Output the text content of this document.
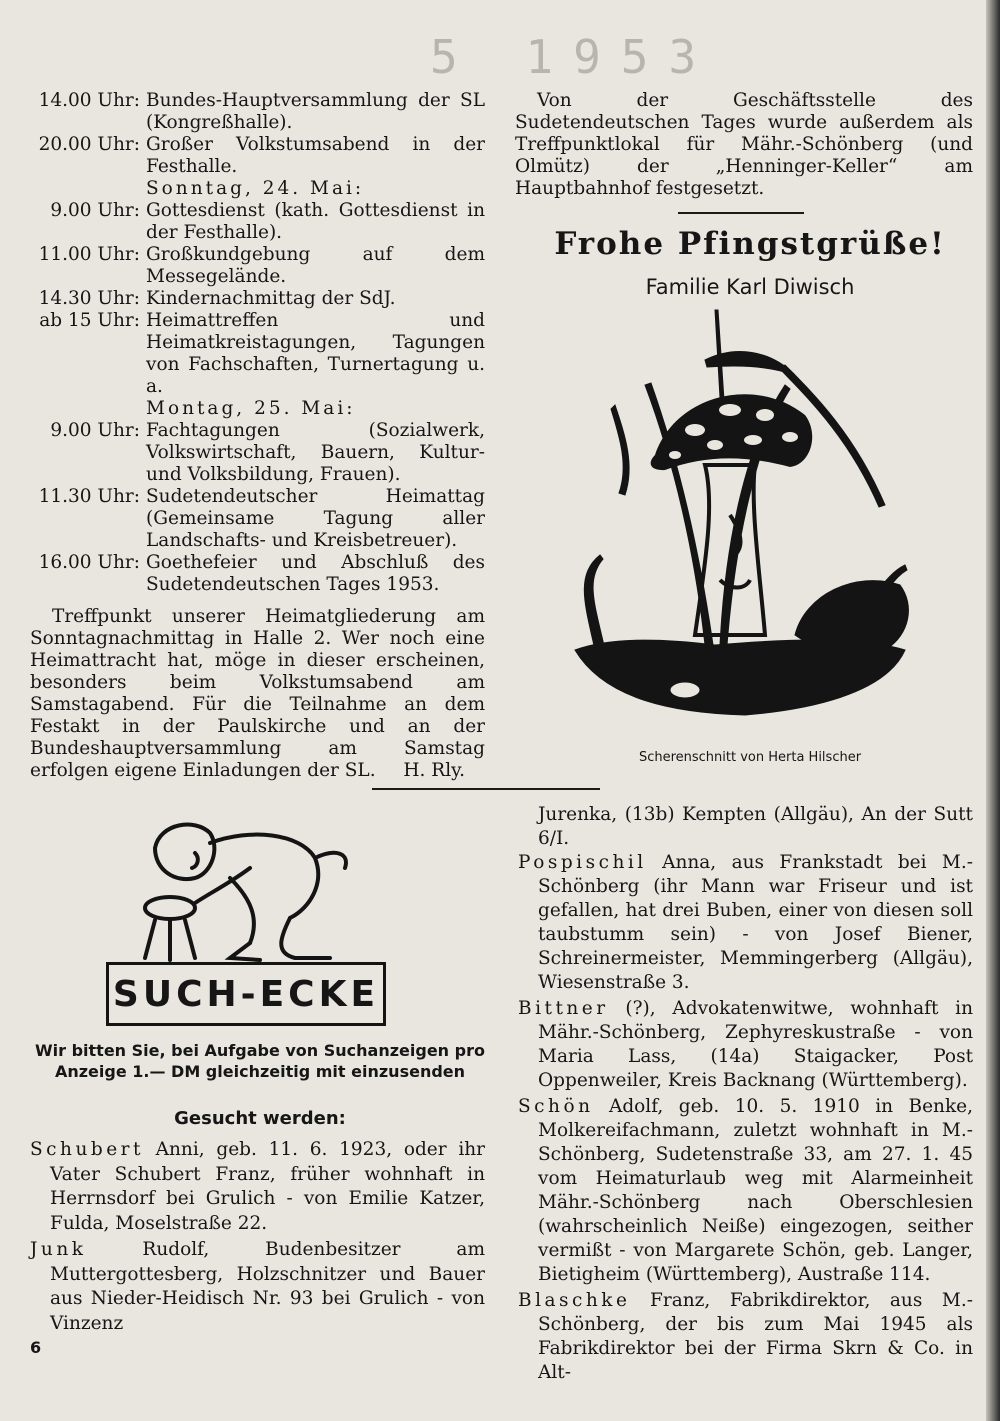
5 1953
14.00 Uhr: Bundes-Hauptversammlung der SL (Kongreßhalle).
20.00 Uhr: Großer Volkstumsabend in der Festhalle.
Sonntag, 24. Mai:
9.00 Uhr: Gottesdienst (kath. Gottesdienst in der Festhalle).
11.00 Uhr: Großkundgebung auf dem Messegelände.
14.30 Uhr: Kindernachmittag der SdJ.
ab 15 Uhr: Heimattreffen und Heimatkreistagungen, Tagungen von Fachschaften, Turnertagung u. a.
Montag, 25. Mai:
9.00 Uhr: Fachtagungen (Sozialwerk, Volkswirtschaft, Bauern, Kultur- und Volksbildung, Frauen).
11.30 Uhr: Sudetendeutscher Heimattag (Gemeinsame Tagung aller Landschafts- und Kreisbetreuer).
16.00 Uhr: Goethefeier und Abschluß des Sudetendeutschen Tages 1953.

Treffpunkt unserer Heimatgliederung am Sonntagnachmittag in Halle 2. Wer noch eine Heimattracht hat, möge in dieser erscheinen, besonders beim Volkstumsabend am Samstagabend. Für die Teilnahme an dem Festakt in der Paulskirche und an der Bundeshauptversammlung am Samstag erfolgen eigene Einladungen der SL.	H. Rly.
Von der Geschäftsstelle des Sudetendeutschen Tages wurde außerdem als Treffpunktlokal für Mähr.-Schönberg (und Olmütz) der „Henninger-Keller“ am Hauptbahnhof festgesetzt.
Frohe Pfingstgrüße!
Familie Karl Diwisch
Scherenschnitt von Herta Hilscher
SUCH-ECKE
Wir bitten Sie, bei Aufgabe von Suchanzeigen pro Anzeige 1.— DM gleichzeitig mit einzusenden
Gesucht werden:
Schubert Anni, geb. 11. 6. 1923, oder ihr Vater Schubert Franz, früher wohnhaft in Herrnsdorf bei Grulich - von Emilie Katzer, Fulda, Moselstraße 22.
Junk Rudolf, Budenbesitzer am Muttergottesberg, Holzschnitzer und Bauer aus Nieder-Heidisch Nr. 93 bei Grulich - von Vinzenz
Jurenka, (13b) Kempten (Allgäu), An der Sutt 6/I.
Pospischil Anna, aus Frankstadt bei M.-Schönberg (ihr Mann war Friseur und ist gefallen, hat drei Buben, einer von diesen soll taubstumm sein) - von Josef Biener, Schreinermeister, Memmingerberg (Allgäu), Wiesenstraße 3.
Bittner (?), Advokatenwitwe, wohnhaft in Mähr.-Schönberg, Zephyreskustraße - von Maria Lass, (14a) Staigacker, Post Oppenweiler, Kreis Backnang (Württemberg).
Schön Adolf, geb. 10. 5. 1910 in Benke, Molkereifachmann, zuletzt wohnhaft in M.-Schönberg, Sudetenstraße 33, am 27. 1. 45 vom Heimaturlaub weg mit Alarmeinheit Mähr.-Schönberg nach Oberschlesien (wahrscheinlich Neiße) eingezogen, seither vermißt - von Margarete Schön, geb. Langer, Bietigheim (Württemberg), Austraße 114.
Blaschke Franz, Fabrikdirektor, aus M.-Schönberg, der bis zum Mai 1945 als Fabrikdirektor bei der Firma Skrn & Co. in Alt-
6
